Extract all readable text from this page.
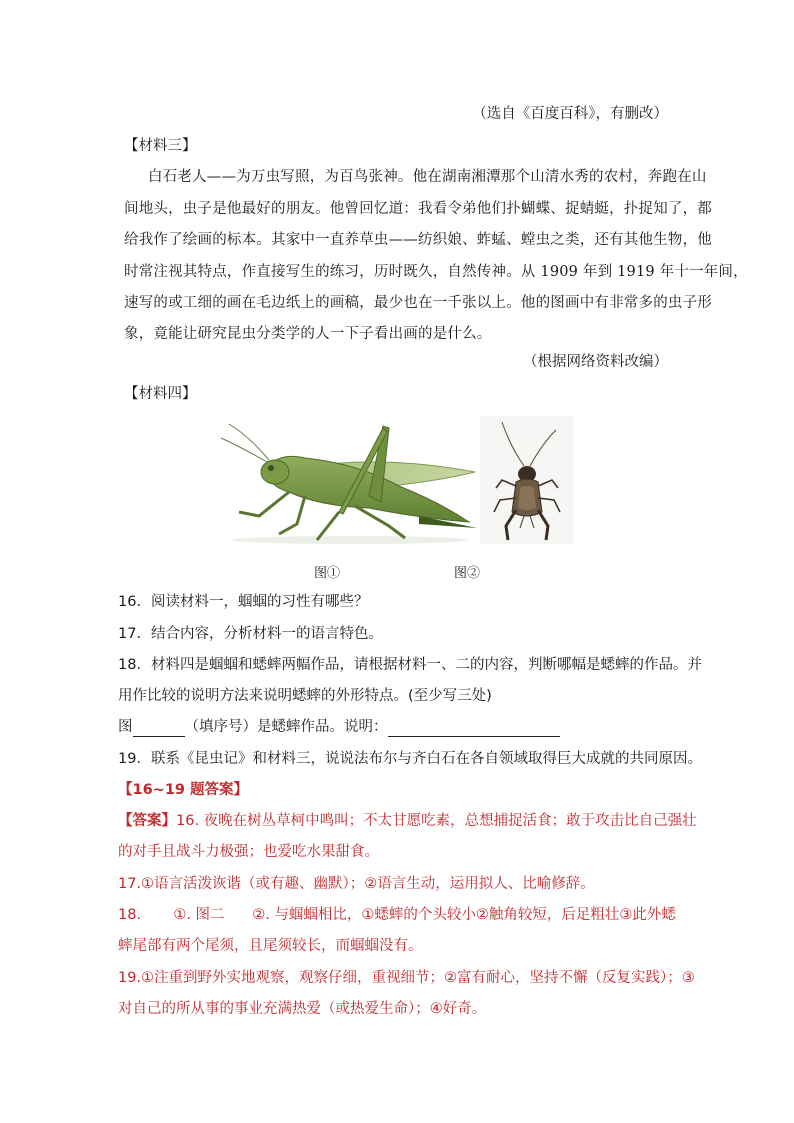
（选自《百度百科》，有删改）
【材料三】
白石老人——为万虫写照，为百鸟张神。他在湖南湘潭那个山清水秀的农村，奔跑在山
间地头，虫子是他最好的朋友。他曾回忆道：我看令弟他们扑蝴蝶、捉蜻蜓，扑捉知了，都
给我作了绘画的标本。其家中一直养草虫——纺织娘、蚱蜢、螳虫之类，还有其他生物，他
时常注视其特点，作直接写生的练习，历时既久，自然传神。从 1909 年到 1919 年十一年间，
速写的或工细的画在毛边纸上的画稿，最少也在一千张以上。他的图画中有非常多的虫子形
象，竟能让研究昆虫分类学的人一下子看出画的是什么。
（根据网络资料改编）
【材料四】
图①	图②
16．阅读材料一，蝈蝈的习性有哪些？
17．结合内容，分析材料一的语言特色。
18．材料四是蝈蝈和蟋蟀两幅作品，请根据材料一、二的内容，判断哪幅是蟋蟀的作品。并
用作比较的说明方法来说明蟋蟀的外形特点。(至少写三处)
图	（填序号）是蟋蟀作品。说明：
19．联系《昆虫记》和材料三，说说法布尔与齐白石在各自领域取得巨大成就的共同原因。
【16~19 题答案】
【答案】16. 夜晚在树丛草柯中鸣叫；不太甘愿吃素，总想捕捉活食；敢于攻击比自己强壮
的对手且战斗力极强；也爱吃水果甜食。
17.①语言活泼诙谐（或有趣、幽默）；②语言生动，运用拟人、比喻修辞。
18.       ①. 图二      ②. 与蝈蝈相比，①蟋蟀的个头较小②触角较短，后足粗壮③此外蟋
蟀尾部有两个尾须，且尾须较长，而蝈蝈没有。
19.①注重到野外实地观察，观察仔细，重视细节；②富有耐心，坚持不懈（反复实践）；③
对自己的所从事的事业充满热爱（或热爱生命）；④好奇。
